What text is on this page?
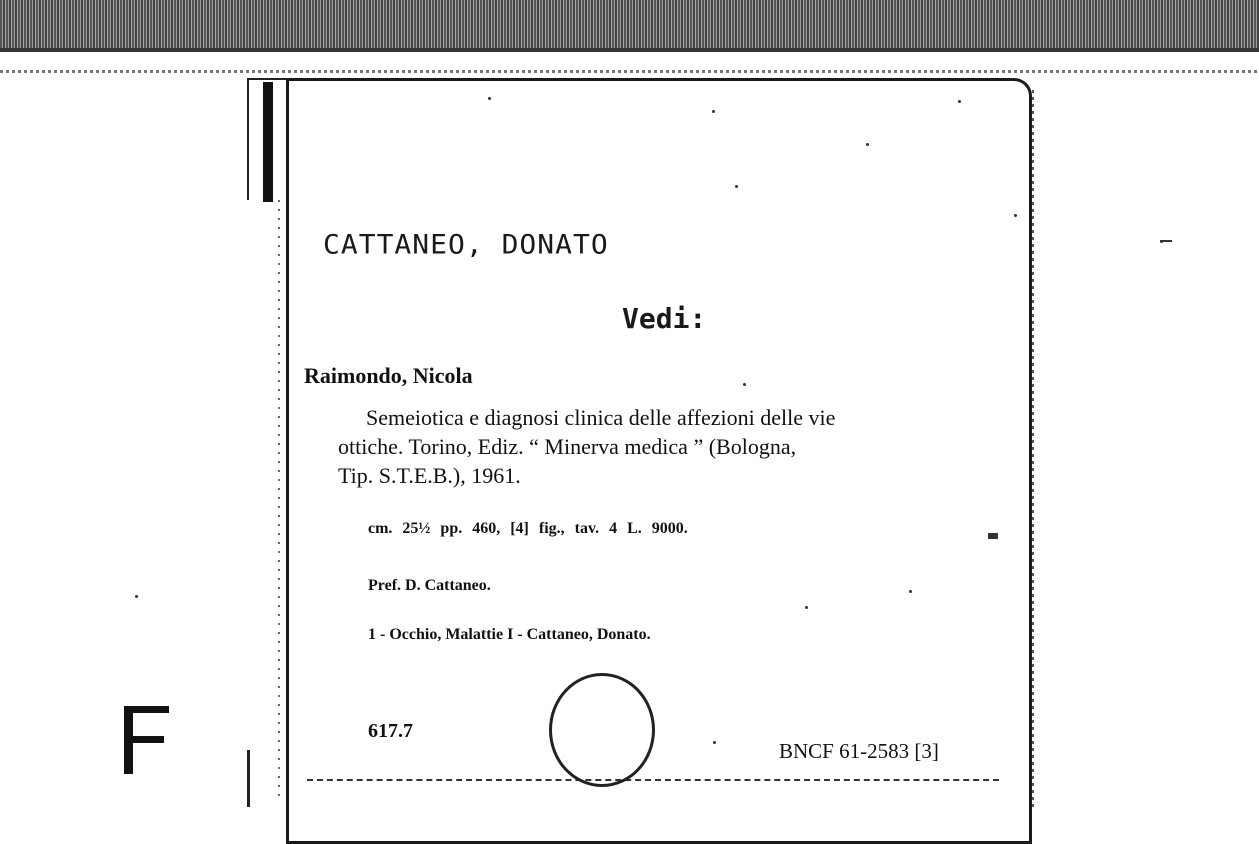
CATTANEO, DONATO
Vedi:
Raimondo, Nicola
Semeiotica e diagnosi clinica delle affezioni delle vie
ottiche. Torino, Ediz. “ Minerva medica ” (Bologna,
Tip. S.T.E.B.), 1961.
cm. 25½ pp. 460, [4] fig., tav. 4 L. 9000.
Pref. D. Cattaneo.
1 - Occhio, Malattie I - Cattaneo, Donato.
617.7
BNCF 61-2583 [3]
